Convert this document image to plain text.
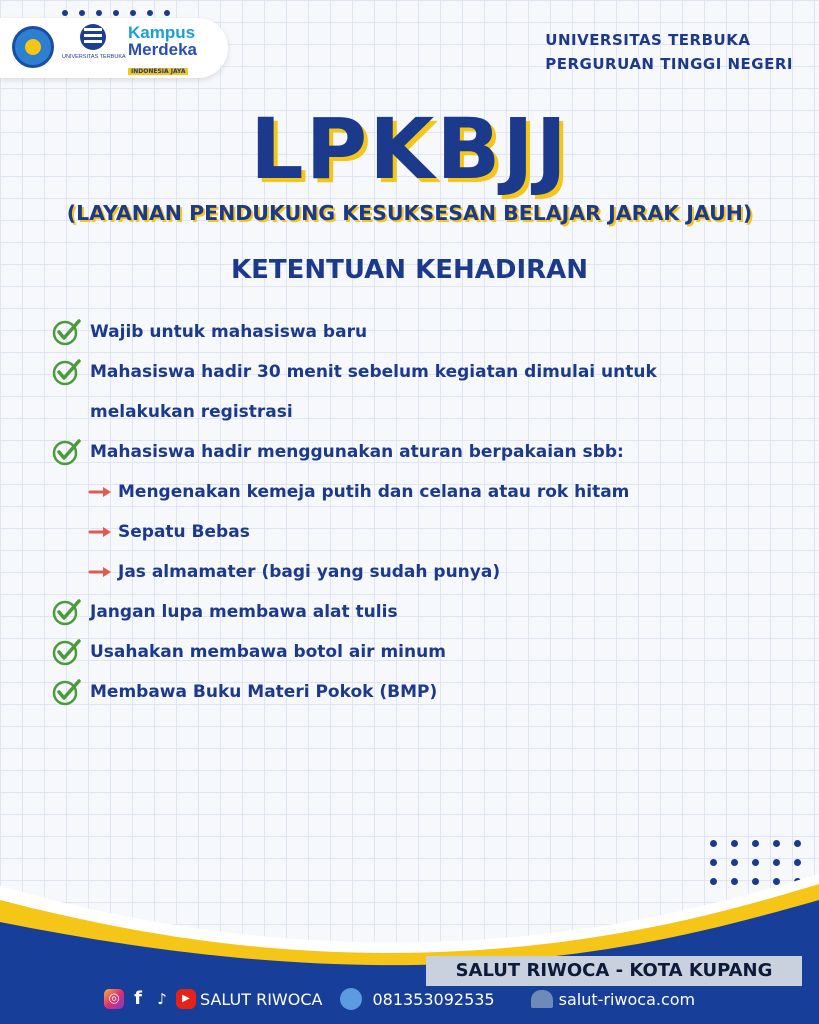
UNIVERSITAS TERBUKA
Kampus
Merdeka
INDONESIA JAYA
UNIVERSITAS TERBUKA
PERGURUAN TINGGI NEGERI
LPKBJJ
(LAYANAN PENDUKUNG KESUKSESAN BELAJAR JARAK JAUH)
KETENTUAN KEHADIRAN
Wajib untuk mahasiswa baru
Mahasiswa hadir 30 menit sebelum kegiatan dimulai untuk
melakukan registrasi
Mahasiswa hadir menggunakan aturan berpakaian sbb:
Mengenakan kemeja putih dan celana atau rok hitam
Sepatu Bebas
Jas almamater (bagi yang sudah punya)
Jangan lupa membawa alat tulis
Usahakan membawa botol air minum
Membawa Buku Materi Pokok (BMP)
SALUT RIWOCA - KOTA KUPANG
◎ f	♪	▶ SALUT RIWOCA	081353092535	salut-riwoca.com
